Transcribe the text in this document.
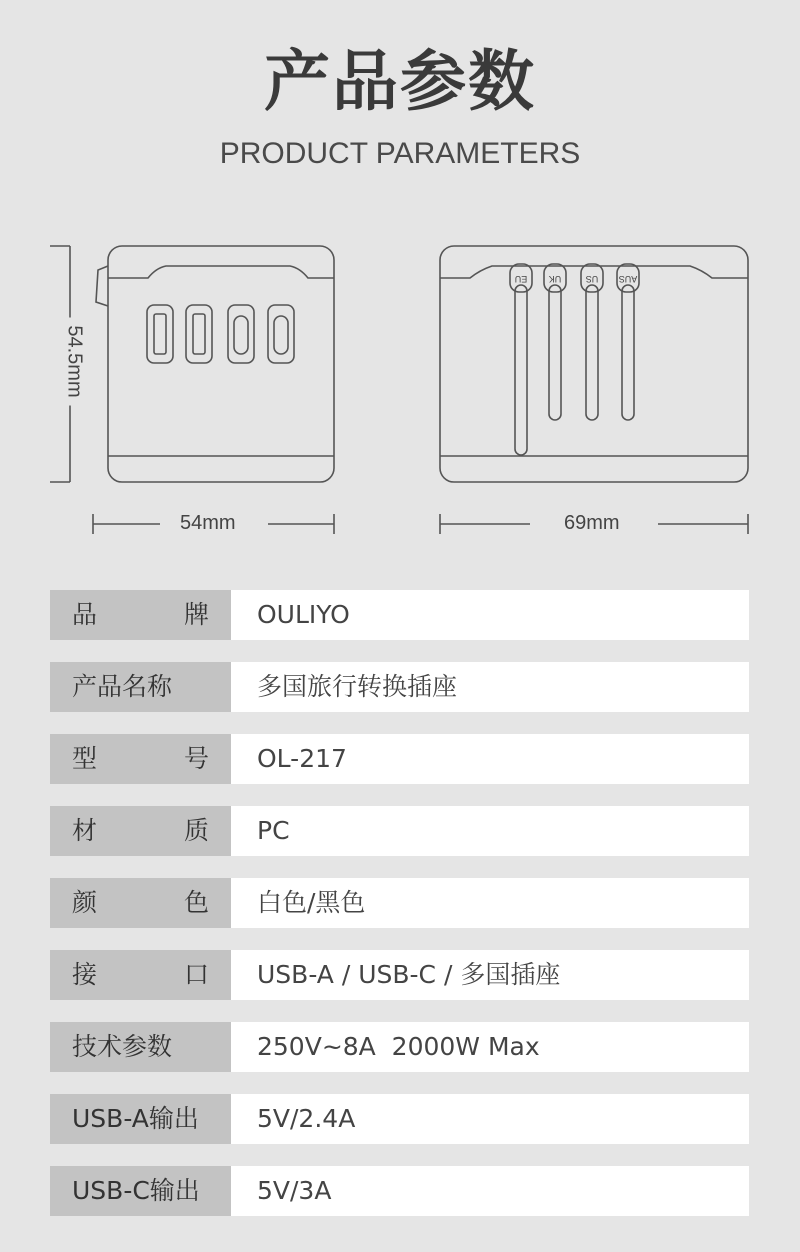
产品参数
PRODUCT PARAMETERS
EU UK	US AUS
54.5mm
54mm	69mm
品　　牌	OULIYO
产品名称	多国旅行转换插座
型　　号	OL-217
材　　质	PC
颜　　色	白色/黑色
接　　口	USB-A / USB-C / 多国插座
技术参数	250V~8A  2000W Max
USB-A输出	5V/2.4A
USB-C输出	5V/3A
